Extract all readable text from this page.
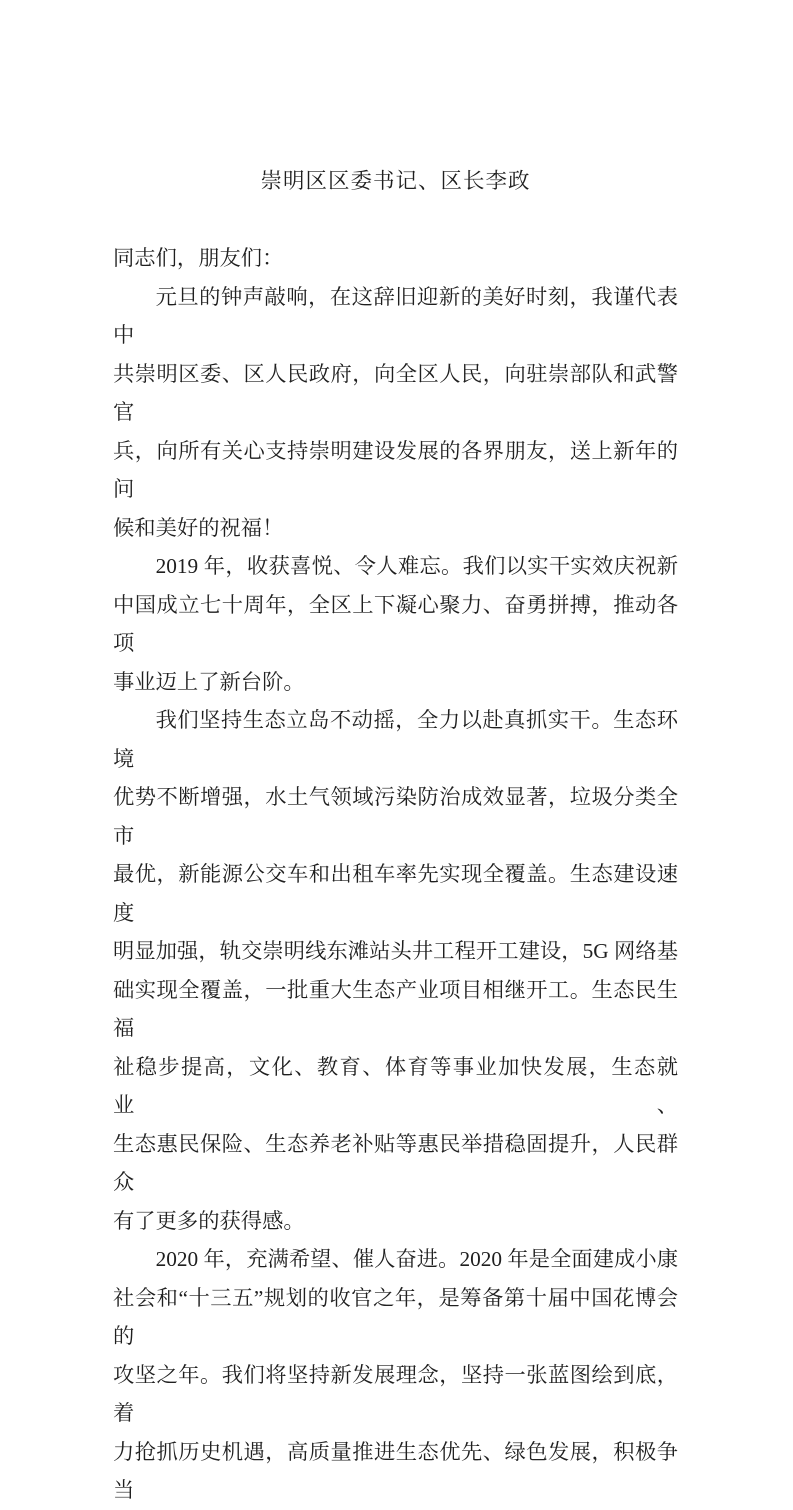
崇明区区委书记、区长李政
同志们，朋友们：
元旦的钟声敲响，在这辞旧迎新的美好时刻，我谨代表中
共崇明区委、区人民政府，向全区人民，向驻崇部队和武警官
兵，向所有关心支持崇明建设发展的各界朋友，送上新年的问
候和美好的祝福！
2019 年，收获喜悦、令人难忘。我们以实干实效庆祝新
中国成立七十周年，全区上下凝心聚力、奋勇拼搏，推动各项
事业迈上了新台阶。
我们坚持生态立岛不动摇，全力以赴真抓实干。生态环境
优势不断增强，水土气领域污染防治成效显著，垃圾分类全市
最优，新能源公交车和出租车率先实现全覆盖。生态建设速度
明显加强，轨交崇明线东滩站头井工程开工建设，5G 网络基
础实现全覆盖，一批重大生态产业项目相继开工。生态民生福
祉稳步提高，文化、教育、体育等事业加快发展，生态就业、
生态惠民保险、生态养老补贴等惠民举措稳固提升，人民群众
有了更多的获得感。
2020 年，充满希望、催人奋进。2020 年是全面建成小康
社会和“十三五”规划的收官之年，是筹备第十届中国花博会的
攻坚之年。我们将坚持新发展理念，坚持一张蓝图绘到底，着
力抢抓历史机遇，高质量推进生态优先、绿色发展，积极争当
